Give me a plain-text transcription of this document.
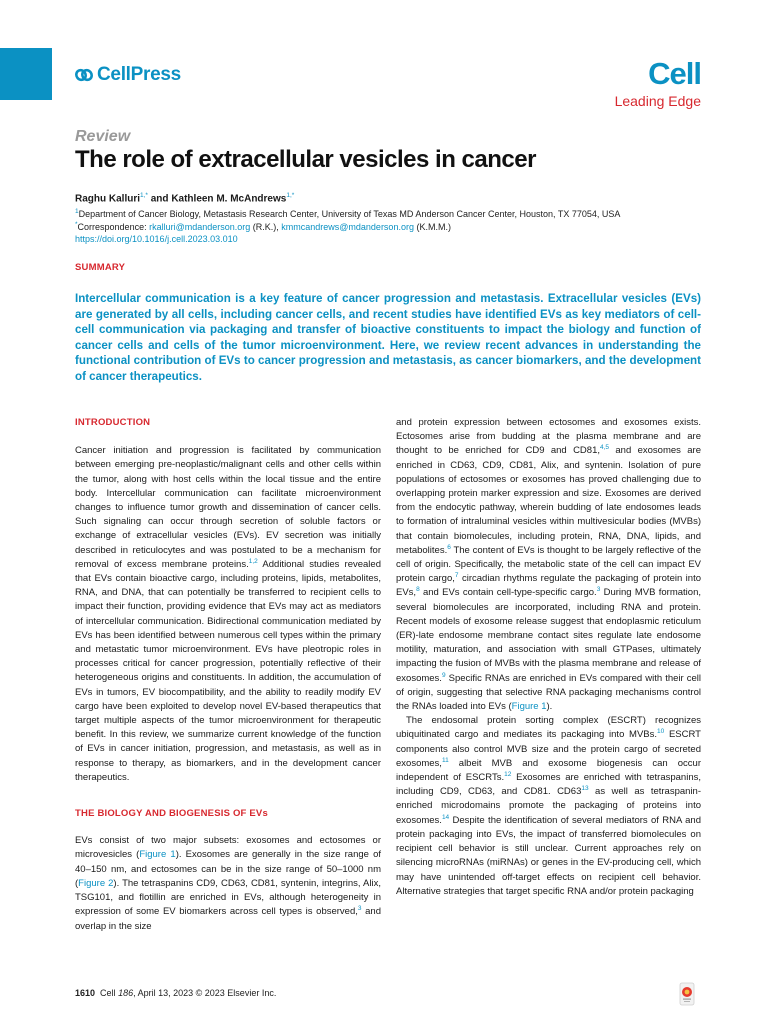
CellPress	Cell
Leading Edge
Review
The role of extracellular vesicles in cancer
Raghu Kalluri$^{1,*}$ and Kathleen M. McAndrews$^{1,*}$
$^1$Department of Cancer Biology, Metastasis Research Center, University of Texas MD Anderson Cancer Center, Houston, TX 77054, USA
*Correspondence: rkalluri@mdanderson.org (R.K.), kmmcandrews@mdanderson.org (K.M.M.)
https://doi.org/10.1016/j.cell.2023.03.010
SUMMARY

Intercellular communication is a key feature of cancer progression and metastasis. Extracellular vesicles (EVs) are generated by all cells, including cancer cells, and recent studies have identified EVs as key mediators of cell-cell communication via packaging and transfer of bioactive constituents to impact the biology and function of cancer cells and cells of the tumor microenvironment. Here, we review recent advances in understanding the functional contribution of EVs to cancer progression and metastasis, as cancer biomarkers, and the development of cancer therapeutics.

INTRODUCTION

Cancer initiation and progression is facilitated by communication between emerging pre-neoplastic/malignant cells and other cells within the tumor, along with host cells within the local tissue and the entire body. Intercellular communication can facilitate microenvironment changes to influence tumor growth and dissemination of cancer cells. Such signaling can occur through secretion of soluble factors or exchange of extracellular vesicles (EVs). EV secretion was initially described in reticulocytes and was postulated to be a mechanism for removal of excess membrane proteins.$^{1,2}$ Additional studies revealed that EVs contain bioactive cargo, including proteins, lipids, metabolites, RNA, and DNA, that can potentially be transferred to recipient cells to impact their function, providing evidence that EVs may act as mediators of intercellular communication. Bidirectional communication mediated by EVs has been identified between numerous cell types within the primary and metastatic tumor microenvironment. EVs have pleotropic roles in processes critical for cancer progression, potentially reflective of their heterogeneous origins and constituents. In addition, the accumulation of EVs in tumors, EV biocompatibility, and the ability to readily modify EV cargo have been exploited to develop novel EV-based therapeutics that target multiple aspects of the tumor microenvironment for therapeutic benefit. In this review, we summarize current knowledge of the function of EVs in cancer initiation, progression, and metastasis, as well as in response to therapy, as biomarkers, and in the development cancer therapeutics.

THE BIOLOGY AND BIOGENESIS OF EVs

EVs consist of two major subsets: exosomes and ectosomes or microvesicles (Figure 1). Exosomes are generally in the size range of 40–150 nm, and ectosomes can be in the size range of 50–1000 nm (Figure 2). The tetraspanins CD9, CD63, CD81, syntenin, integrins, Alix, TSG101, and flotillin are enriched in EVs, although heterogeneity in expression of some EV biomarkers across cell types is observed,$^3$ and overlap in the size

and protein expression between ectosomes and exosomes exists. Ectosomes arise from budding at the plasma membrane and are thought to be enriched for CD9 and CD81,$^{4,5}$ and exosomes are enriched in CD63, CD9, CD81, Alix, and syntenin. Isolation of pure populations of ectosomes or exosomes has proved challenging due to overlapping protein marker expression and size. Exosomes are derived from the endocytic pathway, wherein budding of late endosomes leads to formation of intraluminal vesicles within multivesicular bodies (MVBs) that contain biomolecules, including protein, RNA, DNA, lipids, and metabolites.$^6$ The content of EVs is thought to be largely reflective of the cell of origin. Specifically, the metabolic state of the cell can impact EV protein cargo,$^7$ circadian rhythms regulate the packaging of protein into EVs,$^8$ and EVs contain cell-type-specific cargo.$^3$ During MVB formation, several biomolecules are incorporated, including RNA and protein. Recent models of exosome release suggest that endoplasmic reticulum (ER)-late endosome membrane contact sites regulate late endosome motility, maturation, and association with small GTPases, ultimately impacting the fusion of MVBs with the plasma membrane and release of exosomes.$^9$ Specific RNAs are enriched in EVs compared with their cell of origin, suggesting that selective RNA packaging mechanisms control the RNAs loaded into EVs (Figure 1).

The endosomal protein sorting complex (ESCRT) recognizes ubiquitinated cargo and mediates its packaging into MVBs.$^{10}$ ESCRT components also control MVB size and the protein cargo of secreted exosomes,$^{11}$ albeit MVB and exosome biogenesis can occur independent of ESCRTs.$^{12}$ Exosomes are enriched with tetraspanins, including CD9, CD63, and CD81. CD63$^{13}$ as well as tetraspanin-enriched microdomains promote the packaging of proteins into exosomes.$^{14}$ Despite the identification of several mediators of RNA and protein packaging into EVs, the impact of transferred biomolecules on recipient cell behavior is still unclear. Current approaches rely on silencing microRNAs (miRNAs) or genes in the EV-producing cell, which may have unintended off-target effects on recipient cell behavior. Alternative strategies that target specific RNA and/or protein packaging

1610 Cell 186, April 13, 2023 © 2023 Elsevier Inc.
